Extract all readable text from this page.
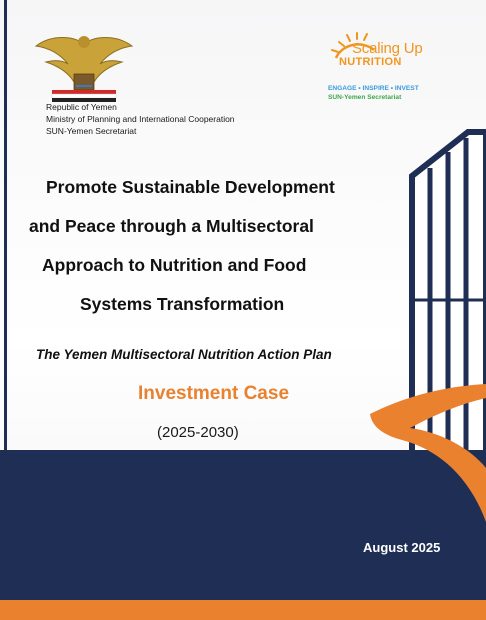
Republic of Yemen
Ministry of Planning and International Cooperation
SUN-Yemen Secretariat
Scaling Up
NUTRITION
ENGAGE • INSPIRE • INVEST
SUN-Yemen Secretariat
Promote Sustainable Development
and Peace through a Multisectoral
Approach to Nutrition and Food
Systems Transformation
The Yemen Multisectoral Nutrition Action Plan
Investment Case
(2025-2030)
August 2025
